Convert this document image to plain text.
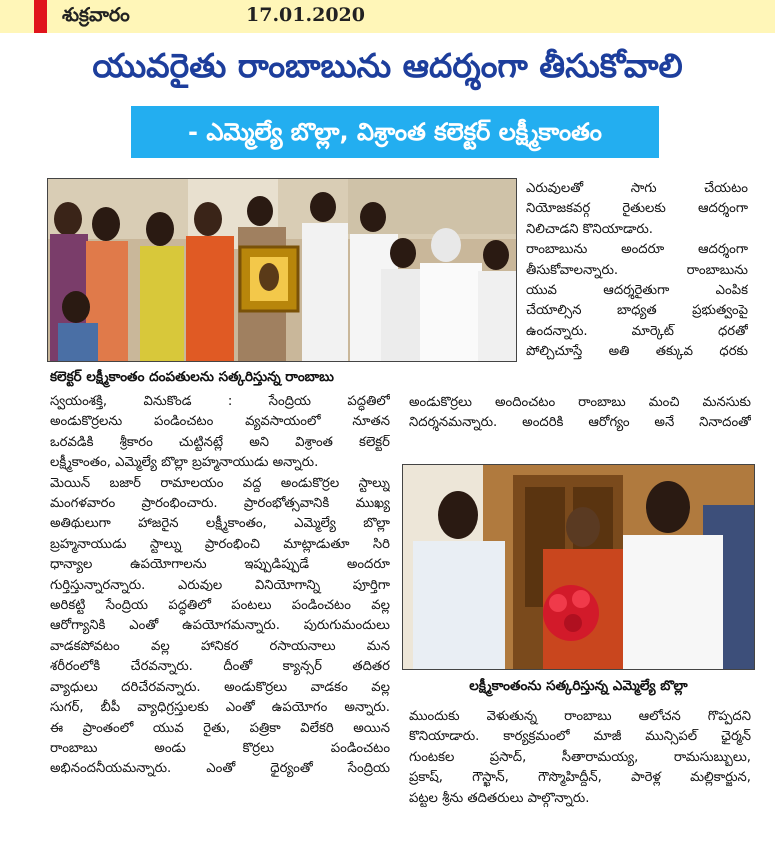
శుక్రవారం	17.01.2020
యువరైతు రాంబాబును ఆదర్శంగా తీసుకోవాలి
- ఎమ్మెల్యే బొల్లా, విశ్రాంత కలెక్టర్ లక్ష్మీకాంతం
కలెక్టర్ లక్ష్మీకాంతం దంపతులను సత్కరిస్తున్న రాంబాబు
లక్ష్మీకాంతంను సత్కరిస్తున్న ఎమ్మెల్యే బొల్లా

ఎరువులతో సాగు చేయటం

నియోజకవర్గ రైతులకు ఆదర్శంగా

నిలిచాడని కొనియాడారు.

రాంబాబును అందరూ ఆదర్శంగా

తీసుకోవాలన్నారు. రాంబాబును

యువ ఆదర్శరైతుగా ఎంపిక

చేయాల్సిన బాధ్యత ప్రభుత్వంపై

ఉందన్నారు. మార్కెట్ ధరతో

పోల్చిచూస్తే అతి తక్కువ ధరకు

అండుకొర్రలు అందించటం రాంబాబు మంచి మనసుకు

నిదర్శనమన్నారు. అందరికి ఆరోగ్యం అనే నినాదంతో

స్వయంశక్తి, వినుకొండ : సేంద్రియ పద్ధతిలో

అండుకొర్రలను పండించటం వ్యవసాయంలో నూతన

ఒరవడికి శ్రీకారం చుట్టినట్లే అని విశ్రాంత కలెక్టర్

లక్ష్మీకాంతం, ఎమ్మెల్యే బొల్లా బ్రహ్మనాయుడు అన్నారు.

మెయిన్ బజార్ రామాలయం వద్ద అండుకొర్రల స్టాల్ను

మంగళవారం ప్రారంభించారు. ప్రారంభోత్సవానికి ముఖ్య

అతిథులుగా హాజరైన లక్ష్మీకాంతం, ఎమ్మెల్యే బొల్లా

బ్రహ్మనాయుడు స్టాల్ను ప్రారంభించి మాట్లాడుతూ సిరి

ధాన్యాల ఉపయోగాలను ఇప్పుడిప్పుడే అందరూ

గుర్తిస్తున్నారన్నారు. ఎరువుల వినియోగాన్ని పూర్తిగా

అరికట్టి సేంద్రియ పద్ధతిలో పంటలు పండించటం వల్ల

ఆరోగ్యానికి ఎంతో ఉపయోగమన్నారు. పురుగుమందులు

వాడకపోవటం వల్ల హానికర రసాయనాలు మన

శరీరంలోకి చేరవన్నారు. దీంతో క్యాన్సర్ తదితర

వ్యాధులు దరిచేరవన్నారు. అండుకొర్రలు వాడకం వల్ల

సుగర్, బీపీ వ్యాధిగ్రస్తులకు ఎంతో ఉపయోగం అన్నారు.

ఈ ప్రాంతంలో యువ రైతు, పత్రికా విలేకరి అయిన

రాంబాబు అండు కొర్రలు పండించటం

అభినందనీయమన్నారు. ఎంతో ధైర్యంతో సేంద్రియ

ముందుకు వెళుతున్న రాంబాబు ఆలోచన గొప్పదని

కొనియాడారు. కార్యక్రమంలో మాజీ మున్సిపల్ ఛైర్మన్

గుంటకల ప్రసాద్, సీతారామయ్య, రామసుబ్బులు,

ప్రకాష్, గౌస్ఖాన్, గౌస్మొహిద్దీన్, పారెళ్ల మల్లికార్జున,

పట్టల శ్రీను తదితరులు పాల్గొన్నారు.
